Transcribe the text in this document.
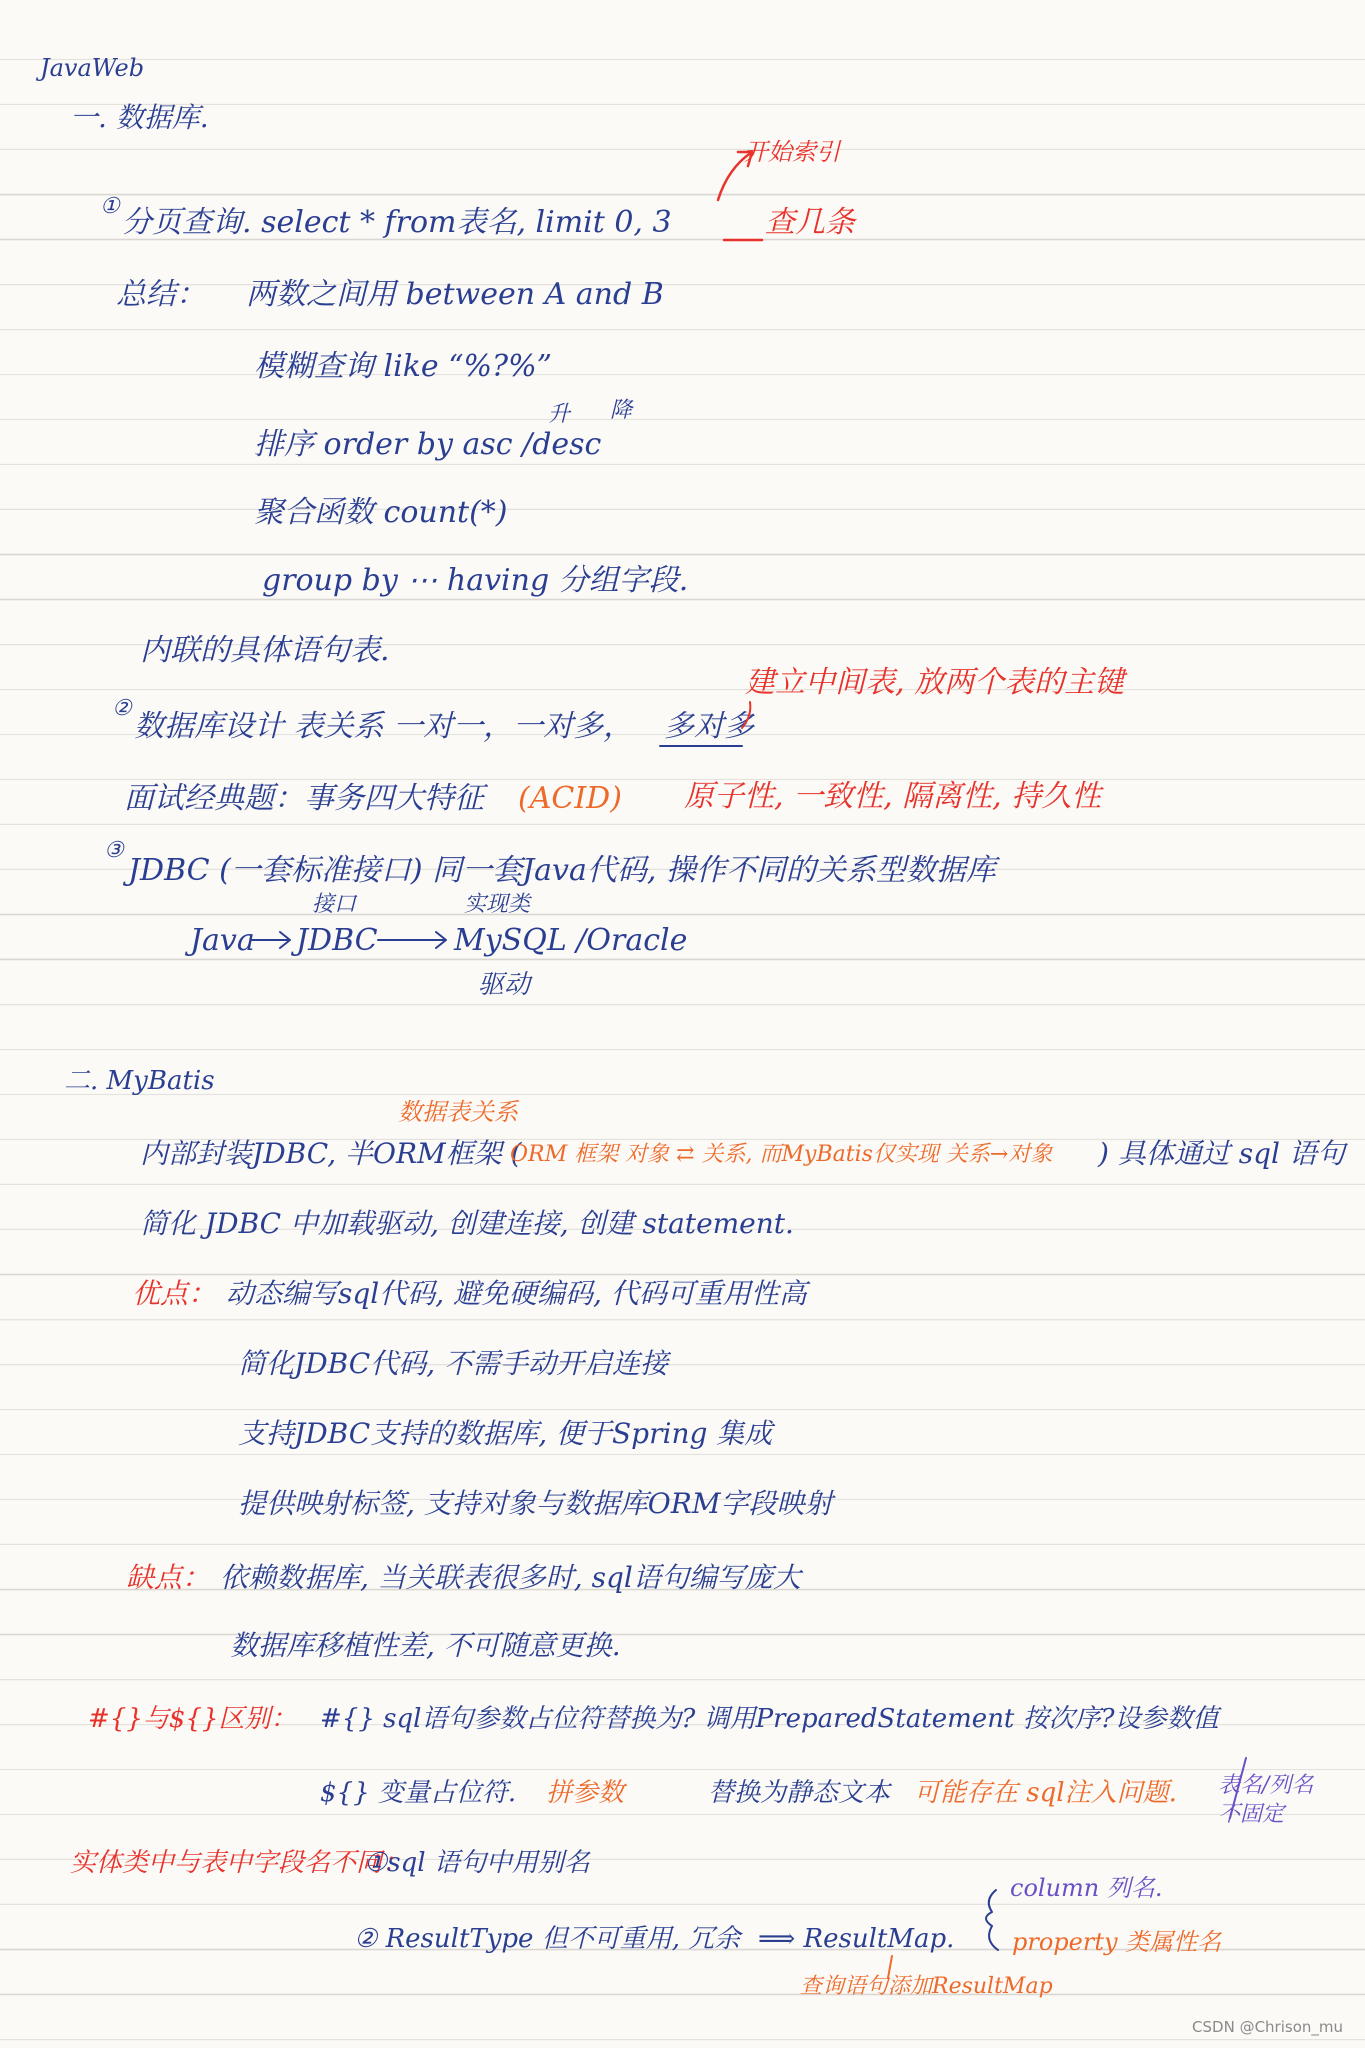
JavaWeb
一. 数据库.
开始索引
① 分页查询. select * from表名, limit 0, 3	查几条
总结： 两数之间用 between A and B
模糊查询 like “%?%”
升 降
排序 order by asc /desc
聚合函数 count(*)
group by ⋯ having 分组字段.
内联的具体语句表.
建立中间表, 放两个表的主键
②
数据库设计 表关系 一对一，一对多， 多对多
面试经典题：事务四大特征 (ACID) 原子性, 一致性, 隔离性, 持久性
③
JDBC (一套标准接口) 同一套Java代码, 操作不同的关系型数据库
接口	实现类
Java JDBC	MySQL /Oracle
驱动
二. MyBatis
数据表关系
内部封装JDBC, 半ORM框架 (
ORM 框架 对象 ⇄ 关系, 而MyBatis仅实现 关系→对象 ) 具体通过 sql 语句
简化 JDBC 中加载驱动, 创建连接, 创建 statement.
优点： 动态编写sql代码, 避免硬编码, 代码可重用性高
简化JDBC代码, 不需手动开启连接
支持JDBC支持的数据库, 便于Spring 集成
提供映射标签, 支持对象与数据库ORM字段映射
缺点： 依赖数据库, 当关联表很多时, sql语句编写庞大
数据库移植性差, 不可随意更换.
#{}与${}区别： #{} sql语句参数占位符替换为? 调用PreparedStatement 按次序?设参数值
${} 变量占位符. 拼参数	替换为静态文本 可能存在 sql注入问题. 表名/列名 不固定
实体类中与表中字段名不同：
①sql 语句中用别名
column 列名.
② ResultType 但不可重用, 冗余 ⟹ ResultMap. property 类属性名
查询语句添加ResultMap
CSDN @Chrison_mu
